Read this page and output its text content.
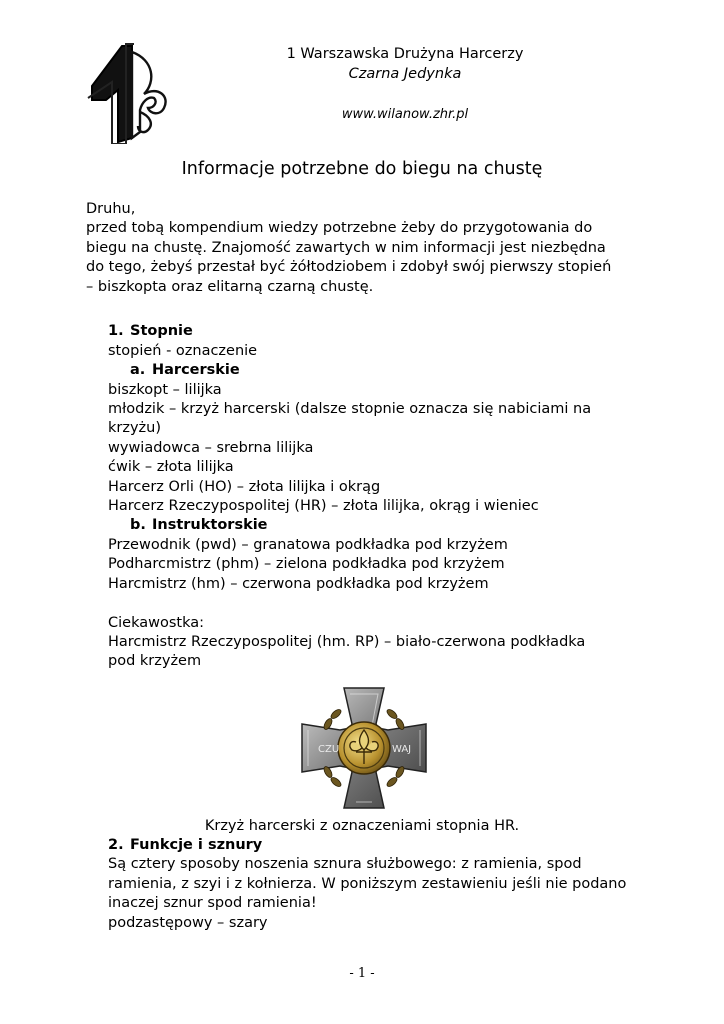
1 Warszawska Drużyna Harcerzy
Czarna Jedynka
www.wilanow.zhr.pl
Informacje potrzebne do biegu na chustę

Druhu,

przed tobą kompendium wiedzy potrzebne żeby do przygotowania do

biegu na chustę. Znajomość zawartych w nim informacji jest niezbędna

do tego, żebyś przestał być żółtodziobem i zdobył swój pierwszy stopień

– biszkopta oraz elitarną czarną chustę.

1. Stopnie

stopień - oznaczenie

a. Harcerskie

biszkopt – lilijka

młodzik – krzyż harcerski (dalsze stopnie oznacza się nabiciami na

krzyżu)

wywiadowca – srebrna lilijka

ćwik – złota lilijka

Harcerz Orli (HO) – złota lilijka i okrąg

Harcerz Rzeczypospolitej (HR) – złota lilijka, okrąg i wieniec

b. Instruktorskie

Przewodnik (pwd) – granatowa podkładka pod krzyżem

Podharcmistrz (phm) – zielona podkładka pod krzyżem

Harcmistrz (hm) – czerwona podkładka pod krzyżem

Ciekawostka:

Harcmistrz Rzeczypospolitej (hm. RP) – biało-czerwona podkładka

pod krzyżem

CZU	WAJ
Krzyż harcerski z oznaczeniami stopnia HR.

2. Funkcje i sznury

Są cztery sposoby noszenia sznura służbowego: z ramienia, spod

ramienia, z szyi i z kołnierza. W poniższym zestawieniu jeśli nie podano

inaczej sznur spod ramienia!

podzastępowy – szary

- 1 -
